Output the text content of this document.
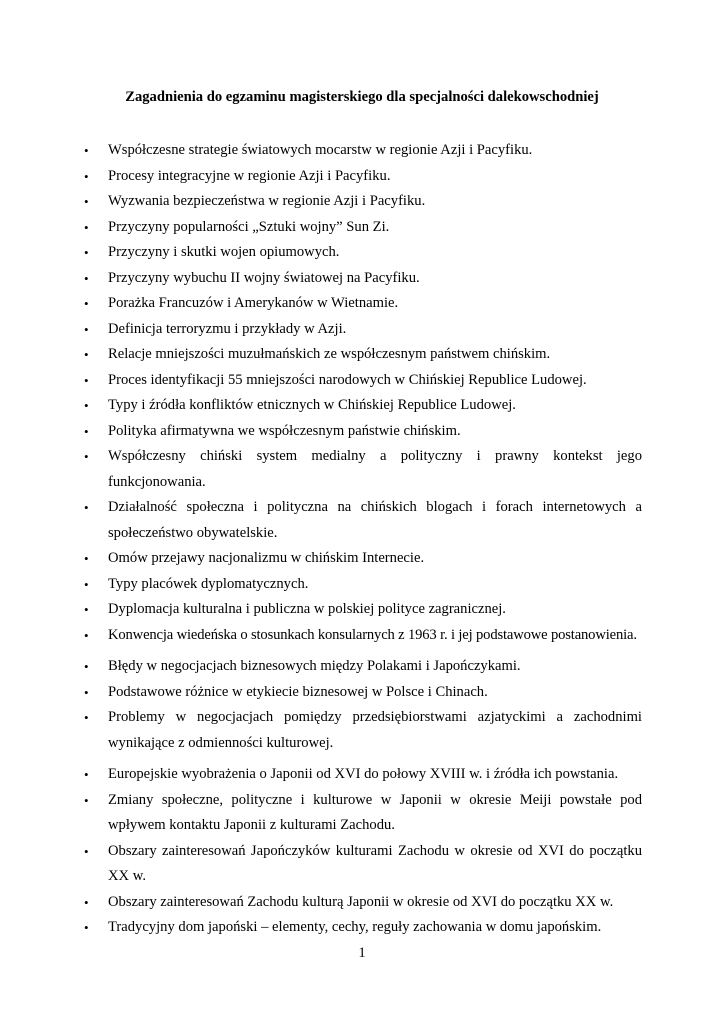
Zagadnienia do egzaminu magisterskiego dla specjalności dalekowschodniej
• Współczesne strategie światowych mocarstw w regionie Azji i Pacyfiku.
• Procesy integracyjne w regionie Azji i Pacyfiku.
• Wyzwania bezpieczeństwa w regionie Azji i Pacyfiku.
• Przyczyny popularności „Sztuki wojny” Sun Zi.
• Przyczyny i skutki wojen opiumowych.
• Przyczyny wybuchu II wojny światowej na Pacyfiku.
• Porażka Francuzów i Amerykanów w Wietnamie.
• Definicja terroryzmu i przykłady w Azji.
• Relacje mniejszości muzułmańskich ze współczesnym państwem chińskim.
• Proces identyfikacji 55 mniejszości narodowych w Chińskiej Republice Ludowej.
• Typy i źródła konfliktów etnicznych w Chińskiej Republice Ludowej.
• Polityka afirmatywna we współczesnym państwie chińskim.
• Współczesny chiński system medialny a polityczny i prawny kontekst jego funkcjonowania.
• Działalność społeczna i polityczna na chińskich blogach i forach internetowych a społeczeństwo obywatelskie.
• Omów przejawy nacjonalizmu w chińskim Internecie.
• Typy placówek dyplomatycznych.
• Dyplomacja kulturalna i publiczna w polskiej polityce zagranicznej.
• Konwencja wiedeńska o stosunkach konsularnych z 1963 r. i jej podstawowe postanowienia.
• Błędy w negocjacjach biznesowych między Polakami i Japończykami.
• Podstawowe różnice w etykiecie biznesowej w Polsce i Chinach.
• Problemy w negocjacjach pomiędzy przedsiębiorstwami azjatyckimi a zachodnimi wynikające z odmienności kulturowej.
• Europejskie wyobrażenia o Japonii od XVI do połowy XVIII w. i źródła ich powstania.
• Zmiany społeczne, polityczne i kulturowe w Japonii w okresie Meiji powstałe pod wpływem kontaktu Japonii z kulturami Zachodu.
• Obszary zainteresowań Japończyków kulturami Zachodu w okresie od XVI do początku XX w.
• Obszary zainteresowań Zachodu kulturą Japonii w okresie od XVI do początku XX w.
• Tradycyjny dom japoński – elementy, cechy, reguły zachowania w domu japońskim.
1
